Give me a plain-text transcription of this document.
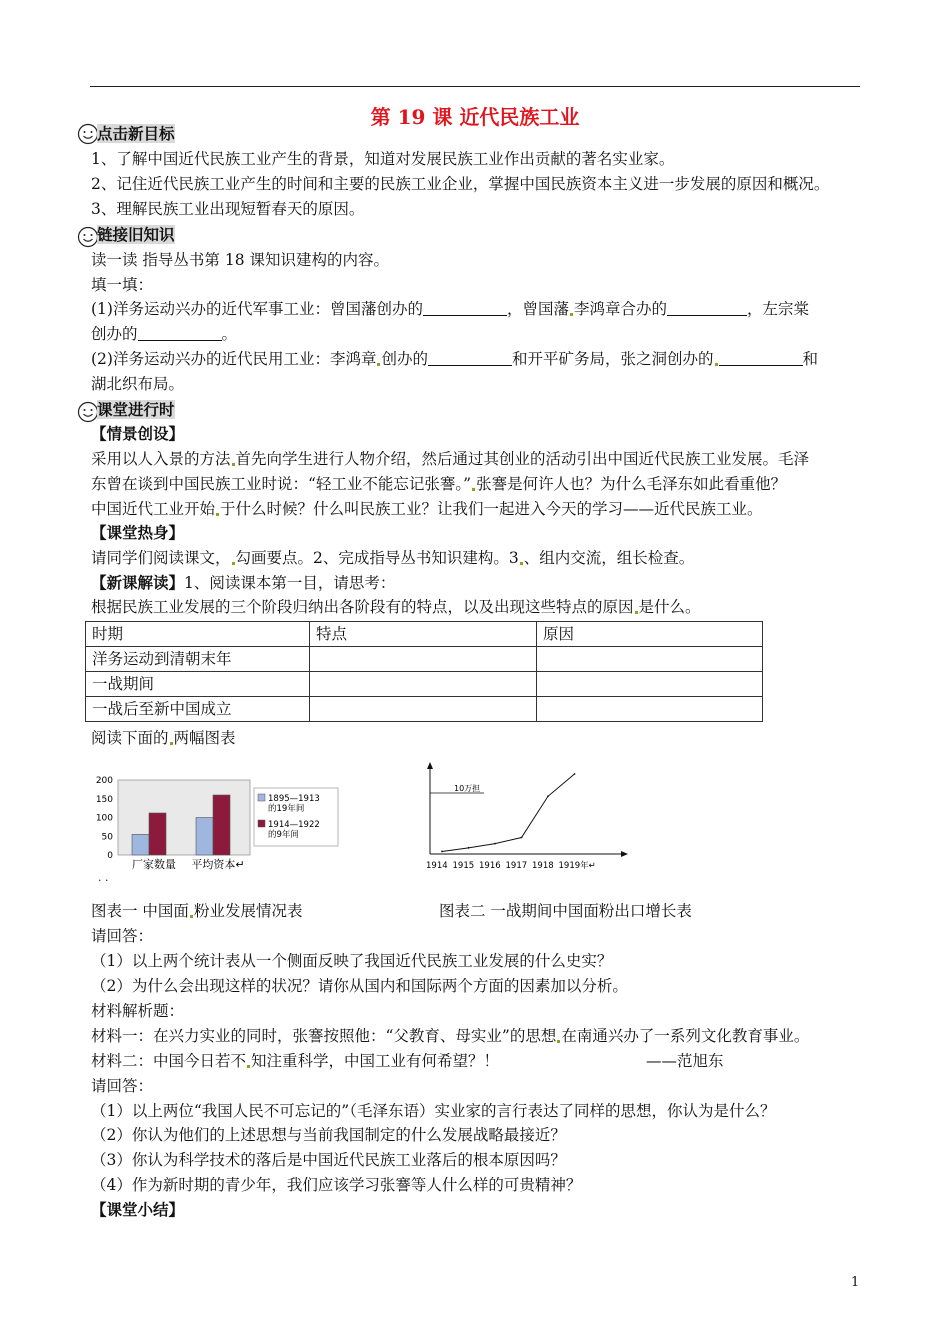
第 19 课 近代民族工业
点击新目标
1、了解中国近代民族工业产生的背景，知道对发展民族工业作出贡献的著名实业家。
2、记住近代民族工业产生的时间和主要的民族工业企业，掌握中国民族资本主义进一步发展的原因和概况。
3、理解民族工业出现短暂春天的原因。
链接旧知识
读一读 指导丛书第 18 课知识建构的内容。
填一填：
(1)洋务运动兴办的近代军事工业：曾国藩创办的	，曾国藩 李鸿章合办的	，左宗棠
创办的	。
(2)洋务运动兴办的近代民用工业：李鸿章 创办的	和开平矿务局，张之洞创办的	和
湖北织布局。
课堂进行时
【情景创设】
采用以人入景的方法 首先向学生进行人物介绍，然后通过其创业的活动引出中国近代民族工业发展。毛泽
东曾在谈到中国民族工业时说：“轻工业不能忘记张謇。” 张謇是何许人也？为什么毛泽东如此看重他？
中国近代工业开始 于什么时候？什么叫民族工业？让我们一起进入今天的学习——近代民族工业。
【课堂热身】
请同学们阅读课文， 勾画要点。2、完成指导丛书知识建构。3 、组内交流，组长检查。
【新课解读】1、阅读课本第一目，请思考：
根据民族工业发展的三个阶段归纳出各阶段有的特点，以及出现这些特点的原因 是什么。
时期	特点	原因
洋务运动到清朝末年		
一战期间		
一战后至新中国成立		
阅读下面的 两幅图表
200
150
100
50
0
厂家数量 平均资本↵
1895—1913
的19年间
1914—1922
的9年间
10万担
1914 1915 1916 1917 1918 1919年↵
· ·
图表一 中国面 粉业发展情况表	图表二 一战期间中国面粉出口增长表
请回答：
（1）以上两个统计表从一个侧面反映了我国近代民族工业发展的什么史实？
（2）为什么会出现这样的状况？请你从国内和国际两个方面的因素加以分析。
材料解析题：
材料一：在兴力实业的同时，张謇按照他：“父教育、母实业”的思想 在南通兴办了一系列文化教育事业。
材料二：中国今日若不 知注重科学，中国工业有何希望？！	——范旭东
请回答：
（1）以上两位“我国人民不可忘记的”（毛泽东语）实业家的言行表达了同样的思想，你认为是什么？
（2）你认为他们的上述思想与当前我国制定的什么发展战略最接近？
（3）你认为科学技术的落后是中国近代民族工业落后的根本原因吗？
（4）作为新时期的青少年，我们应该学习张謇等人什么样的可贵精神？
【课堂小结】
1
